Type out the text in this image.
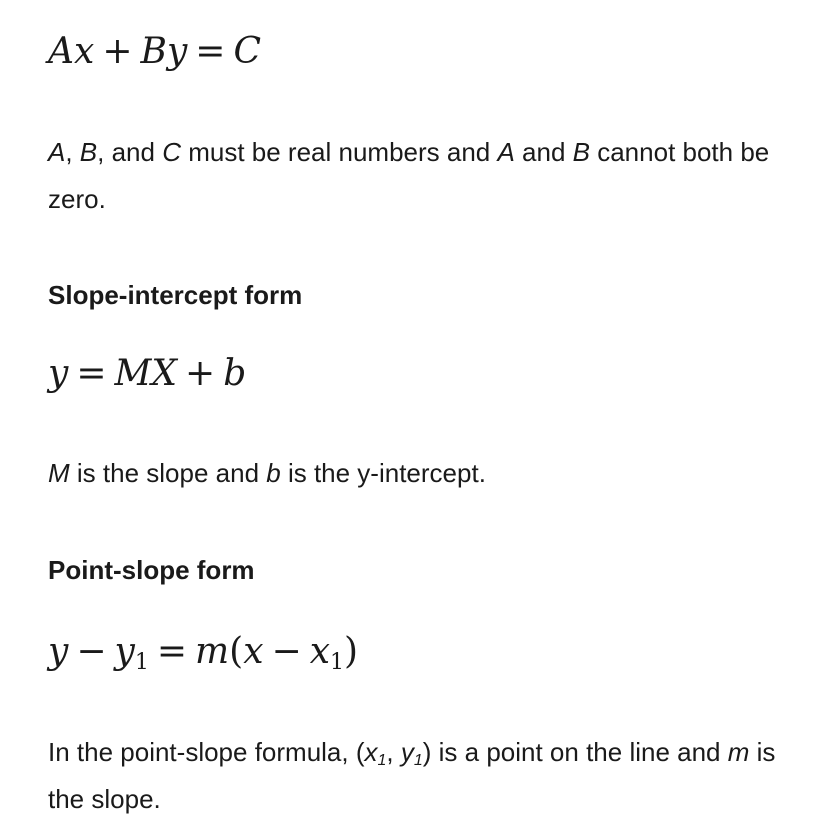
Ax + By = C
A, B, and C must be real numbers and A and B cannot both be zero.
Slope-intercept form
y = MX + b
M is the slope and b is the y-intercept.
Point-slope form
$y - y_1 = m(x - x_1)$
In the point-slope formula, ($x_1$, $y_1$) is a point on the line and m is the slope.
